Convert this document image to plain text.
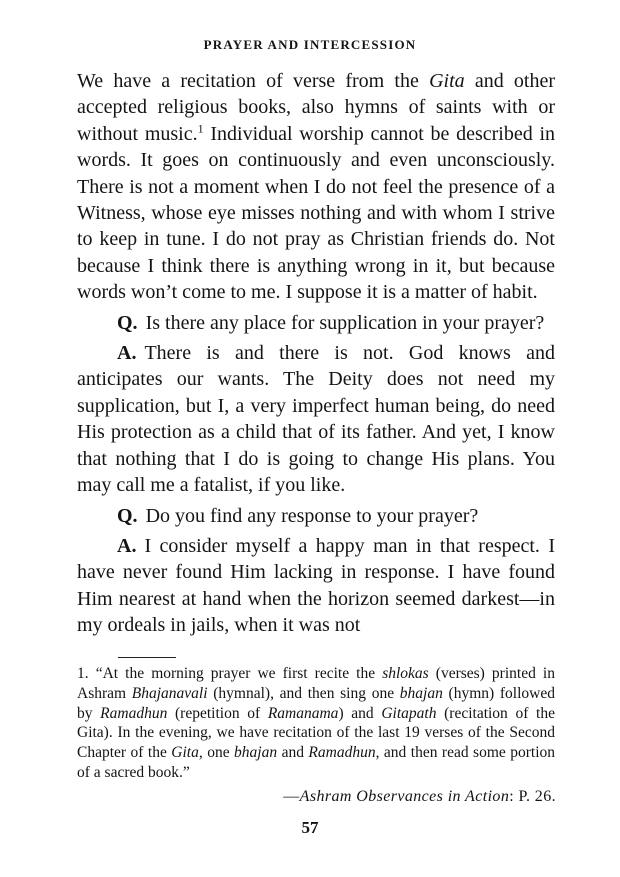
PRAYER AND INTERCESSION

We have a recitation of verse from the Gita and other accepted religious books, also hymns of saints with or without music.$^1$ Individual worship cannot be described in words. It goes on continuously and even unconsciously. There is not a moment when I do not feel the presence of a Witness, whose eye misses nothing and with whom I strive to keep in tune. I do not pray as Christian friends do. Not because I think there is anything wrong in it, but because words won’t come to me. I suppose it is a matter of habit.

Q. Is there any place for supplication in your prayer?

A. There is and there is not. God knows and anticipates our wants. The Deity does not need my supplication, but I, a very imperfect human being, do need His protection as a child that of its father. And yet, I know that nothing that I do is going to change His plans. You may call me a fatalist, if you like.

Q. Do you find any response to your prayer?

A. I consider myself a happy man in that respect. I have never found Him lacking in response. I have found Him nearest at hand when the horizon seemed darkest—in my ordeals in jails, when it was not

1. “At the morning prayer we first recite the shlokas (verses) printed in Ashram Bhajanavali (hymnal), and then sing one bhajan (hymn) followed by Ramadhun (repetition of Ramanama) and Gitapath (recitation of the Gita). In the evening, we have recitation of the last 19 verses of the Second Chapter of the Gita, one bhajan and Ramadhun, and then read some portion of a sacred book.”
—Ashram Observances in Action: P. 26.
57
